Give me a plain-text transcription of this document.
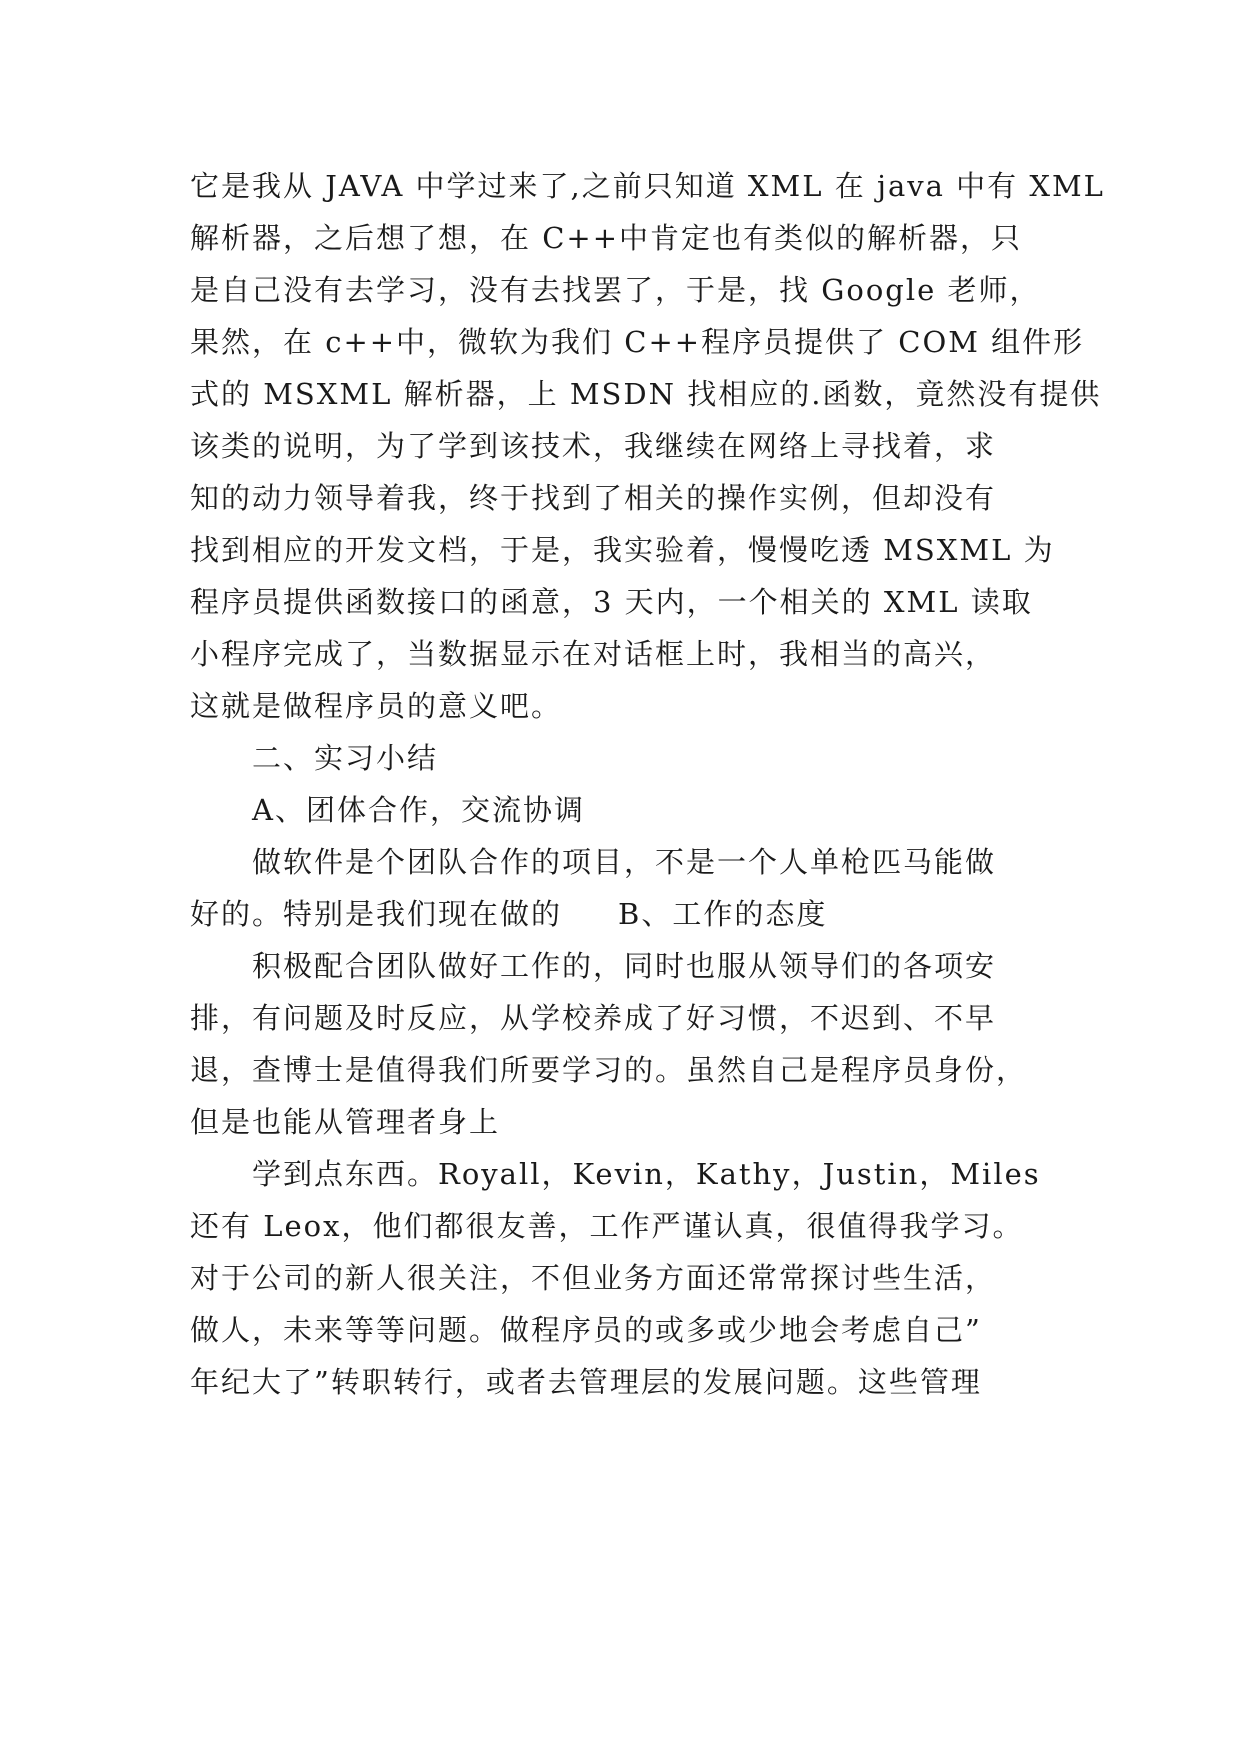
它是我从 JAVA 中学过来了,之前只知道 XML 在 java 中有 XML
解析器，之后想了想，在 C++中肯定也有类似的解析器，只
是自己没有去学习，没有去找罢了，于是，找 Google 老师，
果然，在 c++中，微软为我们 C++程序员提供了 COM 组件形
式的 MSXML 解析器，上 MSDN 找相应的.函数，竟然没有提供
该类的说明，为了学到该技术，我继续在网络上寻找着，求
知的动力领导着我，终于找到了相关的操作实例，但却没有
找到相应的开发文档，于是，我实验着，慢慢吃透 MSXML 为
程序员提供函数接口的函意，3 天内，一个相关的 XML 读取
小程序完成了，当数据显示在对话框上时，我相当的高兴，
这就是做程序员的意义吧。
二、实习小结
A、团体合作，交流协调
做软件是个团队合作的项目，不是一个人单枪匹马能做
好的。特别是我们现在做的 B、工作的态度
积极配合团队做好工作的，同时也服从领导们的各项安
排，有问题及时反应，从学校养成了好习惯，不迟到、不早
退，查博士是值得我们所要学习的。虽然自己是程序员身份，
但是也能从管理者身上
学到点东西。Royall，Kevin，Kathy，Justin，Miles
还有 Leox，他们都很友善，工作严谨认真，很值得我学习。
对于公司的新人很关注，不但业务方面还常常探讨些生活，
做人，未来等等问题。做程序员的或多或少地会考虑自己”
年纪大了”转职转行，或者去管理层的发展问题。这些管理
